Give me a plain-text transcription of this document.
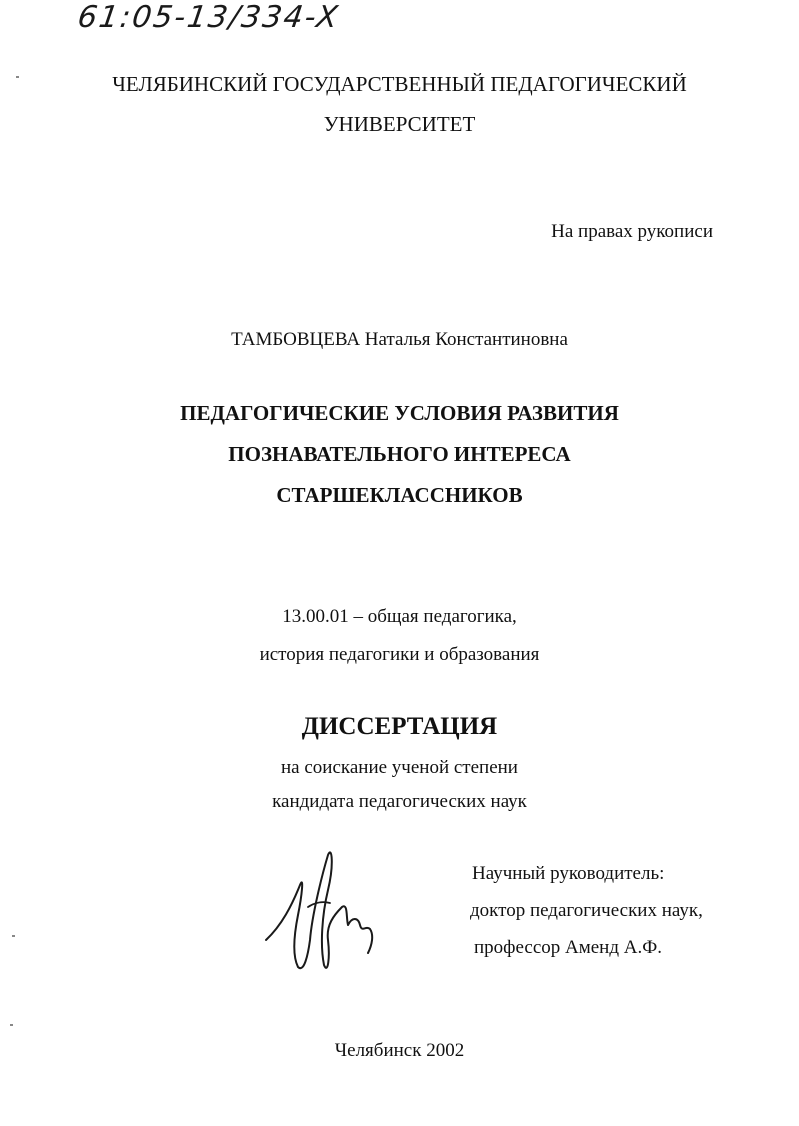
61:05-13/334-X
ЧЕЛЯБИНСКИЙ ГОСУДАРСТВЕННЫЙ ПЕДАГОГИЧЕСКИЙ
УНИВЕРСИТЕТ
На правах рукописи
ТАМБОВЦЕВА Наталья Константиновна
ПЕДАГОГИЧЕСКИЕ УСЛОВИЯ РАЗВИТИЯ
ПОЗНАВАТЕЛЬНОГО ИНТЕРЕСА
СТАРШЕКЛАССНИКОВ
13.00.01 – общая педагогика,
история педагогики и образования
ДИССЕРТАЦИЯ
на соискание ученой степени
кандидата педагогических наук
Научный руководитель:
доктор педагогических наук,
профессор Аменд А.Ф.
Челябинск 2002
